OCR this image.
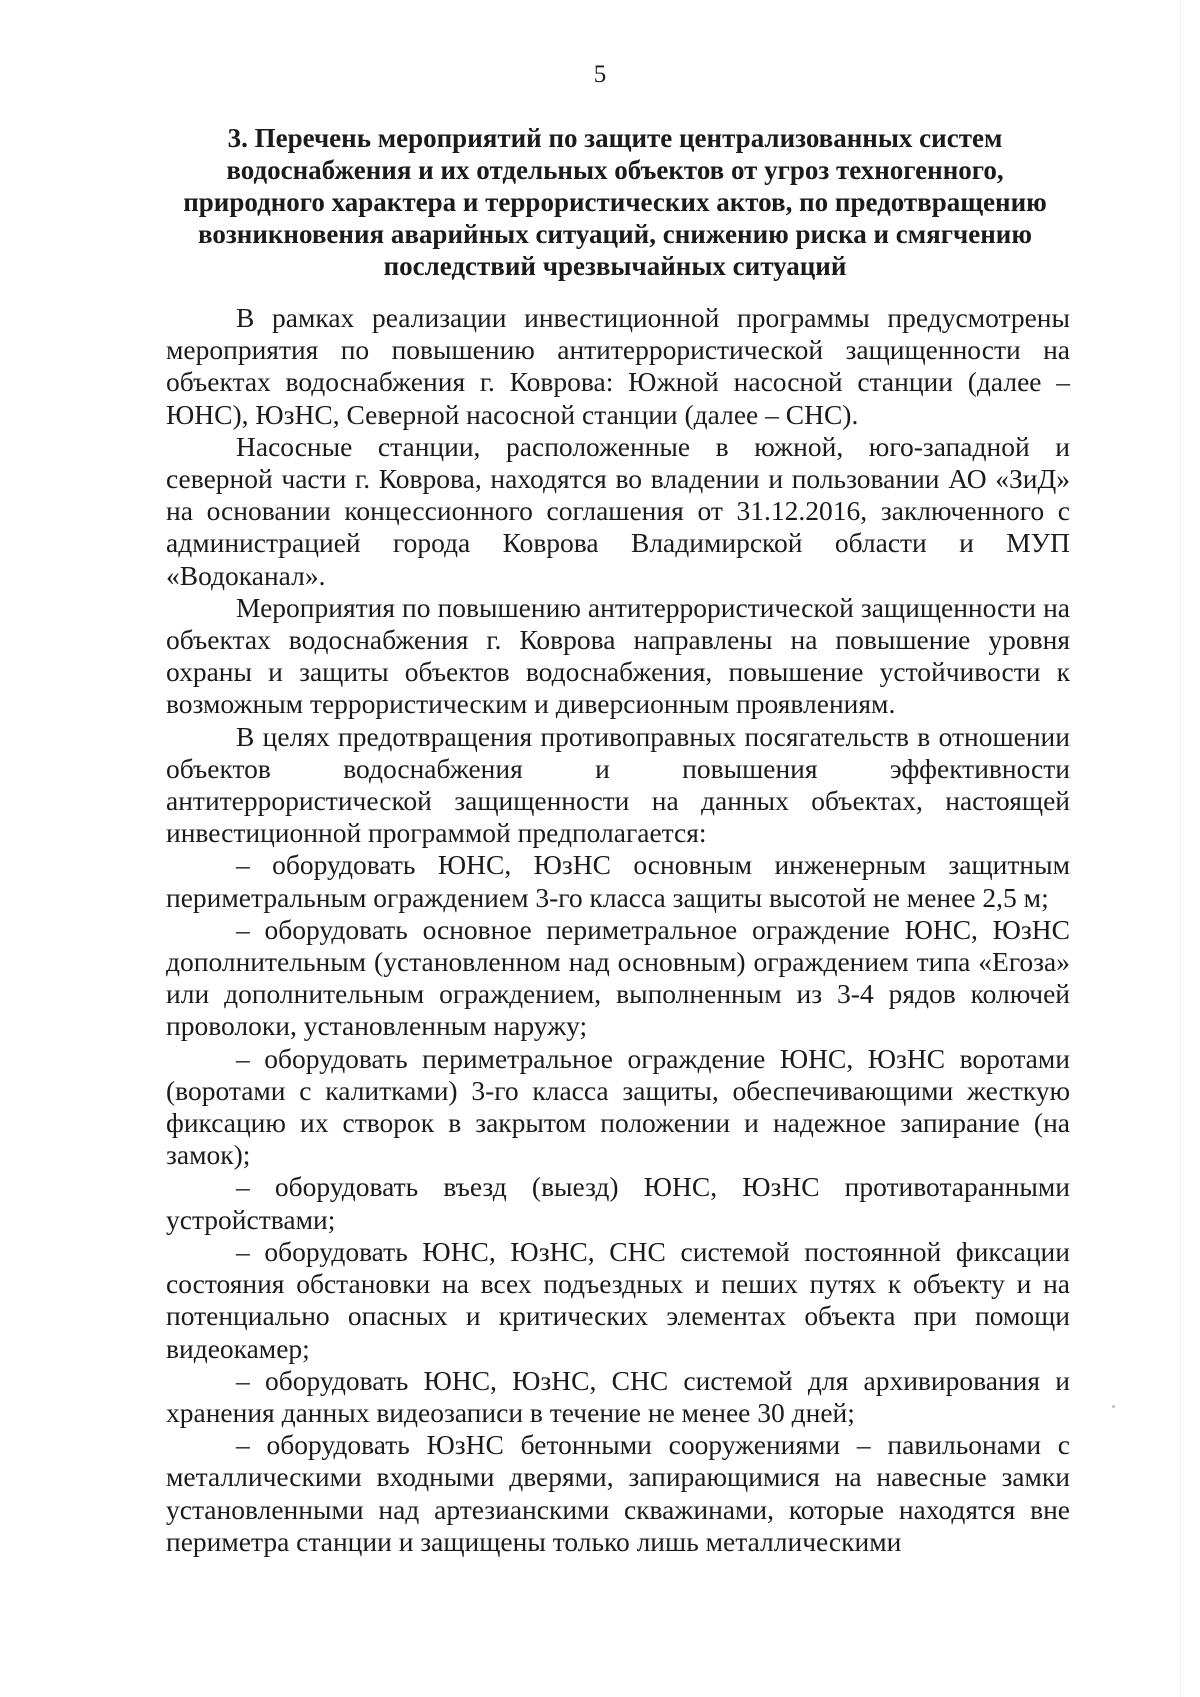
5
3. Перечень мероприятий по защите централизованных систем водоснабжения и их отдельных объектов от угроз техногенного, природного характера и террористических актов, по предотвращению возникновения аварийных ситуаций, снижению риска и смягчению последствий чрезвычайных ситуаций

В рамках реализации инвестиционной программы предусмотрены мероприятия по повышению антитеррористической защищенности на объектах водоснабжения г. Коврова: Южной насосной станции (далее – ЮНС), ЮзНС, Северной насосной станции (далее – СНС).

Насосные станции, расположенные в южной, юго-западной и северной части г. Коврова, находятся во владении и пользовании АО «ЗиД» на основании концессионного соглашения от 31.12.2016, заключенного с администрацией города Коврова Владимирской области и МУП «Водоканал».

Мероприятия по повышению антитеррористической защищенности на объектах водоснабжения г. Коврова направлены на повышение уровня охраны и защиты объектов водоснабжения, повышение устойчивости к возможным террористическим и диверсионным проявлениям.

В целях предотвращения противоправных посягательств в отношении объектов водоснабжения и повышения эффективности антитеррористической защищенности на данных объектах, настоящей инвестиционной программой предполагается:

– оборудовать ЮНС, ЮзНС основным инженерным защитным периметральным ограждением 3-го класса защиты высотой не менее 2,5 м;

– оборудовать основное периметральное ограждение ЮНС, ЮзНС дополнительным (установленном над основным) ограждением типа «Егоза» или дополнительным ограждением, выполненным из 3-4 рядов колючей проволоки, установленным наружу;

– оборудовать периметральное ограждение ЮНС, ЮзНС воротами (воротами с калитками) 3-го класса защиты, обеспечивающими жесткую фиксацию их створок в закрытом положении и надежное запирание (на замок);

– оборудовать въезд (выезд) ЮНС, ЮзНС противотаранными устройствами;

– оборудовать ЮНС, ЮзНС, СНС системой постоянной фиксации состояния обстановки на всех подъездных и пеших путях к объекту и на потенциально опасных и критических элементах объекта при помощи видеокамер;

– оборудовать ЮНС, ЮзНС, СНС системой для архивирования и хранения данных видеозаписи в течение не менее 30 дней;

– оборудовать ЮзНС бетонными сооружениями – павильонами с металлическими входными дверями, запирающимися на навесные замки установленными над артезианскими скважинами, которые находятся вне периметра станции и защищены только лишь металлическими
